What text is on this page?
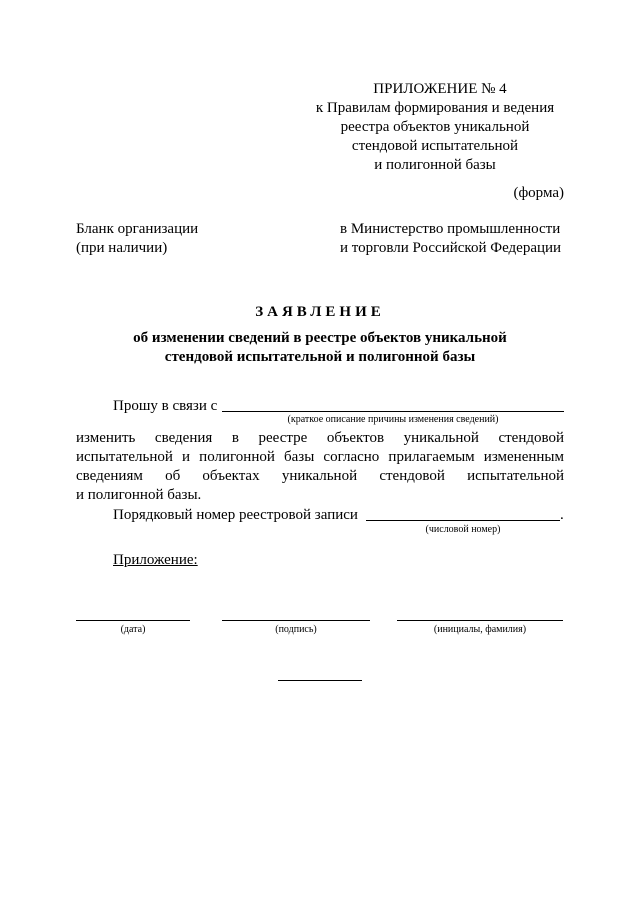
ПРИЛОЖЕНИЕ № 4
к Правилам формирования и ведения
реестра объектов уникальной
стендовой испытательной
и полигонной базы
(форма)
Бланк организации
(при наличии)
в Министерство промышленности
и торговли Российской Федерации
ЗАЯВЛЕНИЕ
об изменении сведений в реестре объектов уникальной
стендовой испытательной и полигонной базы
Прошу в связи с
(краткое описание причины изменения сведений)
изменить сведения в реестре объектов уникальной стендовой
испытательной и полигонной базы согласно прилагаемым измененным
сведениям об объектах уникальной стендовой испытательной
и полигонной базы.
Порядковый номер реестровой записи	.
(числовой номер)
Приложение:
(дата)	(подпись)	(инициалы, фамилия)
